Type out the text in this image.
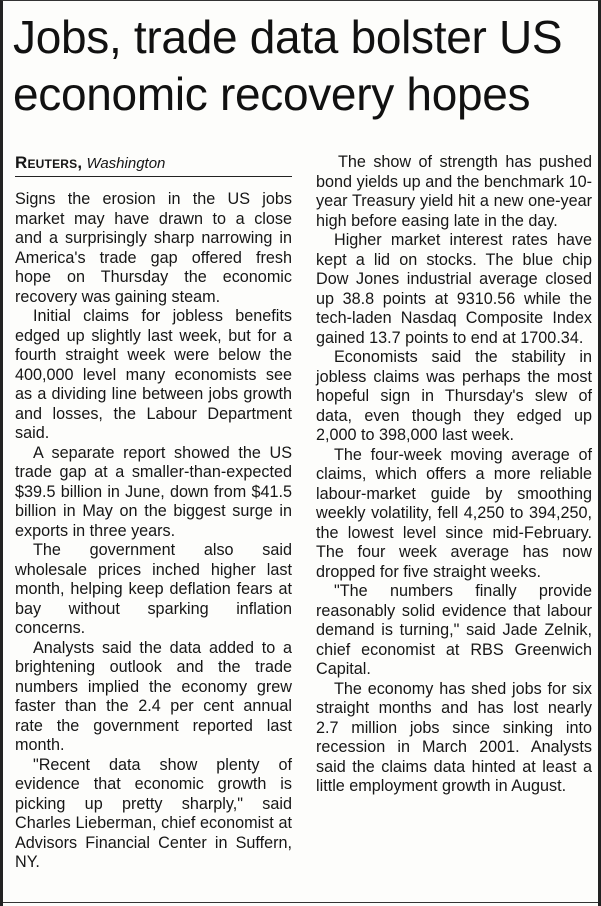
Jobs, trade data bolster US economic recovery hopes
Reuters, Washington

Signs the erosion in the US jobs market may have drawn to a close and a surprisingly sharp narrowing in America's trade gap offered fresh hope on Thursday the economic recovery was gaining steam.

Initial claims for jobless benefits edged up slightly last week, but for a fourth straight week were below the 400,000 level many economists see as a dividing line between jobs growth and losses, the Labour Department said.

A separate report showed the US trade gap at a smaller-than-expected $39.5 billion in June, down from $41.5 billion in May on the biggest surge in exports in three years.

The government also said wholesale prices inched higher last month, helping keep deflation fears at bay without sparking inflation concerns.

Analysts said the data added to a brightening outlook and the trade numbers implied the economy grew faster than the 2.4 per cent annual rate the government reported last month.

"Recent data show plenty of evidence that economic growth is picking up pretty sharply," said Charles Lieberman, chief economist at Advisors Financial Center in Suffern, NY.

The show of strength has pushed bond yields up and the benchmark 10-year Treasury yield hit a new one-year high before easing late in the day.

Higher market interest rates have kept a lid on stocks. The blue chip Dow Jones industrial average closed up 38.8 points at 9310.56 while the tech-laden Nasdaq Composite Index gained 13.7 points to end at 1700.34.

Economists said the stability in jobless claims was perhaps the most hopeful sign in Thursday's slew of data, even though they edged up 2,000 to 398,000 last week.

The four-week moving average of claims, which offers a more reliable labour-market guide by smoothing weekly volatility, fell 4,250 to 394,250, the lowest level since mid-February. The four week average has now dropped for five straight weeks.

"The numbers finally provide reasonably solid evidence that labour demand is turning," said Jade Zelnik, chief economist at RBS Greenwich Capital.

The economy has shed jobs for six straight months and has lost nearly 2.7 million jobs since sinking into recession in March 2001. Analysts said the claims data hinted at least a little employment growth in August.
